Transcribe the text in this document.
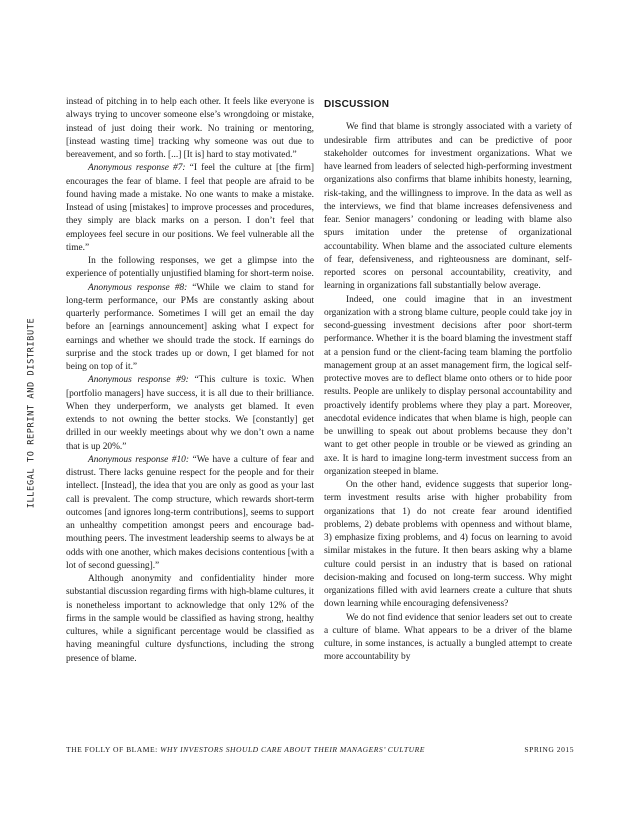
ILLEGAL TO REPRINT AND DISTRIBUTE

instead of pitching in to help each other. It feels like everyone is always trying to uncover someone else’s wrongdoing or mistake, instead of just doing their work. No training or mentoring, [instead wasting time] tracking why someone was out due to bereavement, and so forth. [...] [It is] hard to stay motivated.”

Anonymous response #7: “I feel the culture at [the firm] encourages the fear of blame. I feel that people are afraid to be found having made a mistake. No one wants to make a mistake. Instead of using [mistakes] to improve processes and procedures, they simply are black marks on a person. I don’t feel that employees feel secure in our positions. We feel vulnerable all the time.”

In the following responses, we get a glimpse into the experience of potentially unjustified blaming for short-term noise.

Anonymous response #8: “While we claim to stand for long-term performance, our PMs are constantly asking about quarterly performance. Sometimes I will get an email the day before an [earnings announcement] asking what I expect for earnings and whether we should trade the stock. If earnings do surprise and the stock trades up or down, I get blamed for not being on top of it.”

Anonymous response #9: “This culture is toxic. When [portfolio managers] have success, it is all due to their brilliance. When they underperform, we analysts get blamed. It even extends to not owning the better stocks. We [constantly] get drilled in our weekly meetings about why we don’t own a name that is up 20%.”

Anonymous response #10: “We have a culture of fear and distrust. There lacks genuine respect for the people and for their intellect. [Instead], the idea that you are only as good as your last call is prevalent. The comp structure, which rewards short-term outcomes [and ignores long-term contributions], seems to support an unhealthy competition amongst peers and encourage bad-mouthing peers. The investment leadership seems to always be at odds with one another, which makes decisions contentious [with a lot of second guessing].”

Although anonymity and confidentiality hinder more substantial discussion regarding firms with high-blame cultures, it is nonetheless important to acknowledge that only 12% of the firms in the sample would be classified as having strong, healthy cultures, while a significant percentage would be classified as having meaningful culture dysfunctions, including the strong presence of blame.

DISCUSSION

We find that blame is strongly associated with a variety of undesirable firm attributes and can be predictive of poor stakeholder outcomes for investment organizations. What we have learned from leaders of selected high-performing investment organizations also confirms that blame inhibits honesty, learning, risk-taking, and the willingness to improve. In the data as well as the interviews, we find that blame increases defensiveness and fear. Senior managers’ condoning or leading with blame also spurs imitation under the pretense of organizational accountability. When blame and the associated culture elements of fear, defensiveness, and righteousness are dominant, self-reported scores on personal accountability, creativity, and learning in organizations fall substantially below average.

Indeed, one could imagine that in an investment organization with a strong blame culture, people could take joy in second-guessing investment decisions after poor short-term performance. Whether it is the board blaming the investment staff at a pension fund or the client-facing team blaming the portfolio management group at an asset management firm, the logical self-protective moves are to deflect blame onto others or to hide poor results. People are unlikely to display personal accountability and proactively identify problems where they play a part. Moreover, anecdotal evidence indicates that when blame is high, people can be unwilling to speak out about problems because they don’t want to get other people in trouble or be viewed as grinding an axe. It is hard to imagine long-term investment success from an organization steeped in blame.

On the other hand, evidence suggests that superior long-term investment results arise with higher probability from organizations that 1) do not create fear around identified problems, 2) debate problems with openness and without blame, 3) emphasize fixing problems, and 4) focus on learning to avoid similar mistakes in the future. It then bears asking why a blame culture could persist in an industry that is based on rational decision-making and focused on long-term success. Why might organizations filled with avid learners create a culture that shuts down learning while encouraging defensiveness?

We do not find evidence that senior leaders set out to create a culture of blame. What appears to be a driver of the blame culture, in some instances, is actually a bungled attempt to create more accountability by

THE FOLLY OF BLAME: WHY INVESTORS SHOULD CARE ABOUT THEIR MANAGERS’ CULTURE	SPRING 2015
